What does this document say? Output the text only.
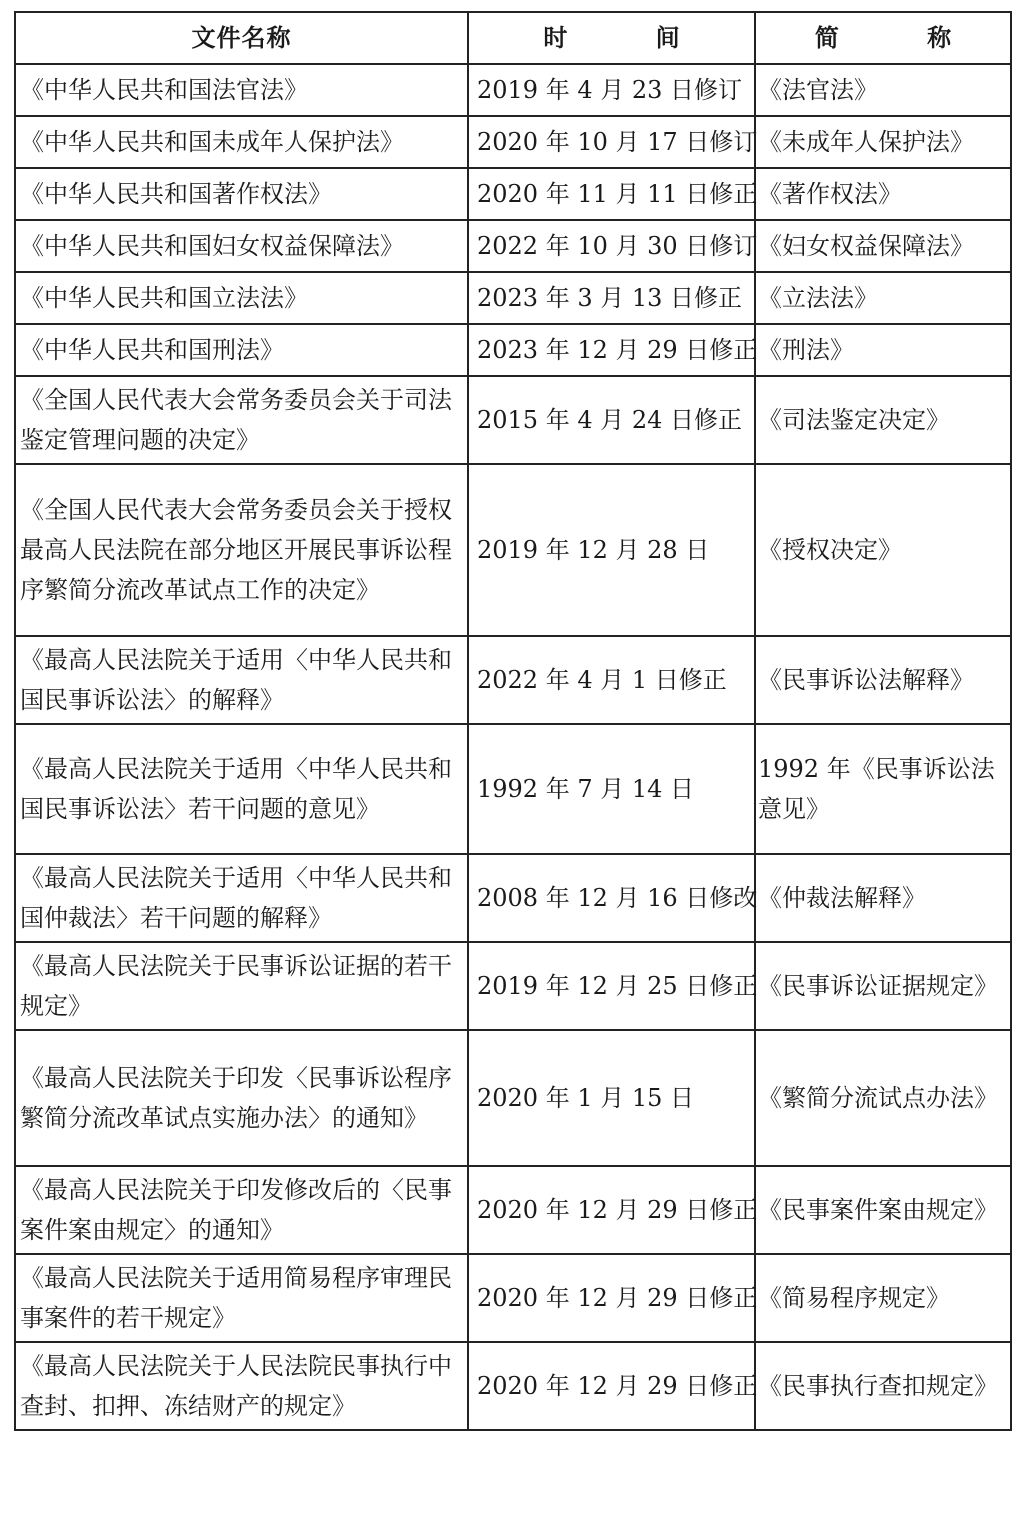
文件名称	时 间	简 称
《中华人民共和国法官法》	2019 年 4 月 23 日修订	《法官法》
《中华人民共和国未成年人保护法》	2020 年 10 月 17 日修订	《未成年人保护法》
《中华人民共和国著作权法》	2020 年 11 月 11 日修正	《著作权法》
《中华人民共和国妇女权益保障法》	2022 年 10 月 30 日修订	《妇女权益保障法》
《中华人民共和国立法法》	2023 年 3 月 13 日修正	《立法法》
《中华人民共和国刑法》	2023 年 12 月 29 日修正	《刑法》
《全国人民代表大会常务委员会关于司法鉴定管理问题的决定》	2015 年 4 月 24 日修正	《司法鉴定决定》
《全国人民代表大会常务委员会关于授权最高人民法院在部分地区开展民事诉讼程序繁简分流改革试点工作的决定》	2019 年 12 月 28 日	《授权决定》
《最高人民法院关于适用〈中华人民共和国民事诉讼法〉的解释》	2022 年 4 月 1 日修正	《民事诉讼法解释》
《最高人民法院关于适用〈中华人民共和国民事诉讼法〉若干问题的意见》	1992 年 7 月 14 日	1992 年《民事诉讼法意见》
《最高人民法院关于适用〈中华人民共和国仲裁法〉若干问题的解释》	2008 年 12 月 16 日修改	《仲裁法解释》
《最高人民法院关于民事诉讼证据的若干规定》	2019 年 12 月 25 日修正	《民事诉讼证据规定》
《最高人民法院关于印发〈民事诉讼程序繁简分流改革试点实施办法〉的通知》	2020 年 1 月 15 日	《繁简分流试点办法》
《最高人民法院关于印发修改后的〈民事案件案由规定〉的通知》	2020 年 12 月 29 日修正	《民事案件案由规定》
《最高人民法院关于适用简易程序审理民事案件的若干规定》	2020 年 12 月 29 日修正	《简易程序规定》
《最高人民法院关于人民法院民事执行中查封、扣押、冻结财产的规定》	2020 年 12 月 29 日修正	《民事执行查扣规定》
